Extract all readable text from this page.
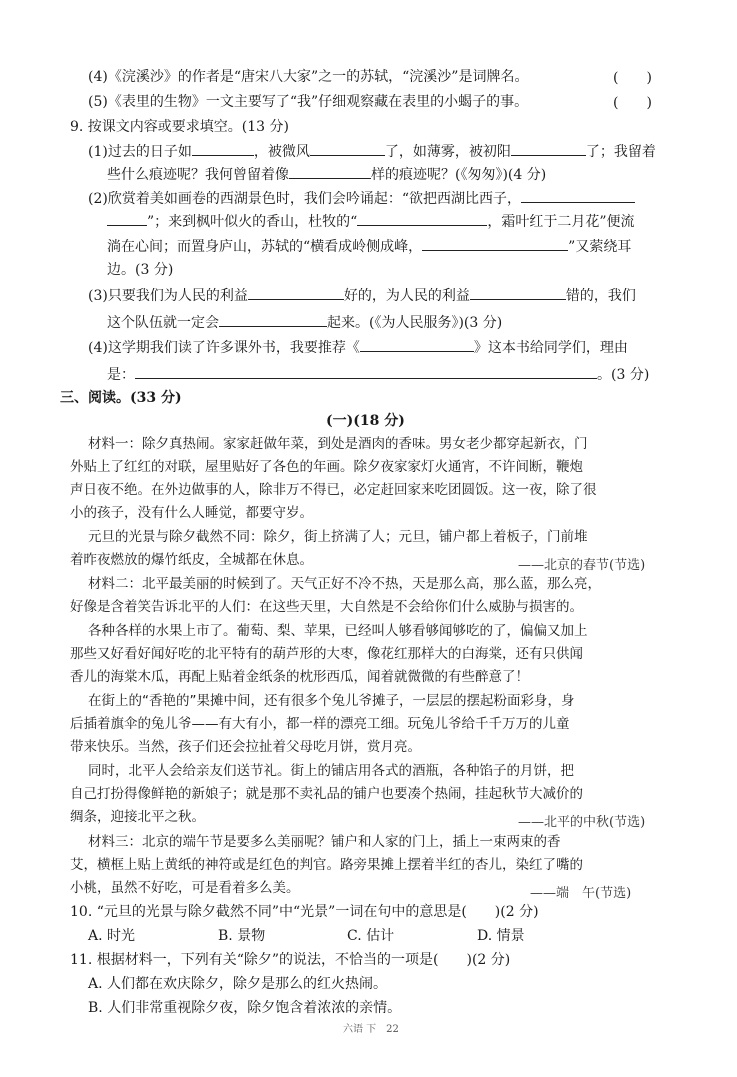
(4)《浣溪沙》的作者是“唐宋八大家”之一的苏轼，“浣溪沙”是词牌名。	(　　)
(5)《表里的生物》一文主要写了“我”仔细观察藏在表里的小蝎子的事。	(　　)
9. 按课文内容或要求填空。(13 分)
(1)过去的日子如	，被微风	了，如薄雾，被初阳	了；我留着
些什么痕迹呢？我何曾留着像	样的痕迹呢？(《匆匆》)(4 分)
(2)欣赏着美如画卷的西湖景色时，我们会吟诵起：“欲把西湖比西子，
”；来到枫叶似火的香山，杜牧的“	，霜叶红于二月花”便流
淌在心间；而置身庐山，苏轼的“横看成岭侧成峰，	”又萦绕耳
边。(3 分)
(3)只要我们为人民的利益	好的，为人民的利益	错的，我们
这个队伍就一定会	起来。(《为人民服务》)(3 分)
(4)这学期我们读了许多课外书，我要推荐《	》这本书给同学们，理由
是：	。(3 分)
三、阅读。(33 分)
(一)(18 分)
材料一：除夕真热闹。家家赶做年菜，到处是酒肉的香味。男女老少都穿起新衣，门
外贴上了红红的对联，屋里贴好了各色的年画。除夕夜家家灯火通宵，不许间断，鞭炮
声日夜不绝。在外边做事的人，除非万不得已，必定赶回家来吃团圆饭。这一夜，除了很
小的孩子，没有什么人睡觉，都要守岁。
元旦的光景与除夕截然不同：除夕，街上挤满了人；元旦，铺户都上着板子，门前堆
着昨夜燃放的爆竹纸皮，全城都在休息。	——北京的春节(节选)
材料二：北平最美丽的时候到了。天气正好不冷不热，天是那么高，那么蓝，那么亮，
好像是含着笑告诉北平的人们：在这些天里，大自然是不会给你们什么威胁与损害的。
各种各样的水果上市了。葡萄、梨、苹果，已经叫人够看够闻够吃的了，偏偏又加上
那些又好看好闻好吃的北平特有的葫芦形的大枣，像花红那样大的白海棠，还有只供闻
香儿的海棠木瓜，再配上贴着金纸条的枕形西瓜，闻着就微微的有些醉意了！
在街上的“香艳的”果摊中间，还有很多个兔儿爷摊子，一层层的摆起粉面彩身，身
后插着旗伞的兔儿爷——有大有小，都一样的漂亮工细。玩兔儿爷给千千万万的儿童
带来快乐。当然，孩子们还会拉扯着父母吃月饼，赏月亮。
同时，北平人会给亲友们送节礼。街上的铺店用各式的酒瓶，各种馅子的月饼，把
自己打扮得像鲜艳的新娘子；就是那不卖礼品的铺户也要凑个热闹，挂起秋节大减价的
绸条，迎接北平之秋。	——北平的中秋(节选)
材料三：北京的端午节是要多么美丽呢？铺户和人家的门上，插上一束两束的香
艾，横框上贴上黄纸的神符或是红色的判官。路旁果摊上摆着半红的杏儿，染红了嘴的
小桃，虽然不好吃，可是看着多么美。	——端　午(节选)
10. “元旦的光景与除夕截然不同”中“光景”一词在句中的意思是(　　)(2 分)
A. 时光	B. 景物	C. 估计	D. 情景
11. 根据材料一，下列有关“除夕”的说法，不恰当的一项是(　　)(2 分)
A. 人们都在欢庆除夕，除夕是那么的红火热闹。
B. 人们非常重视除夕夜，除夕饱含着浓浓的亲情。
六语 下　22
